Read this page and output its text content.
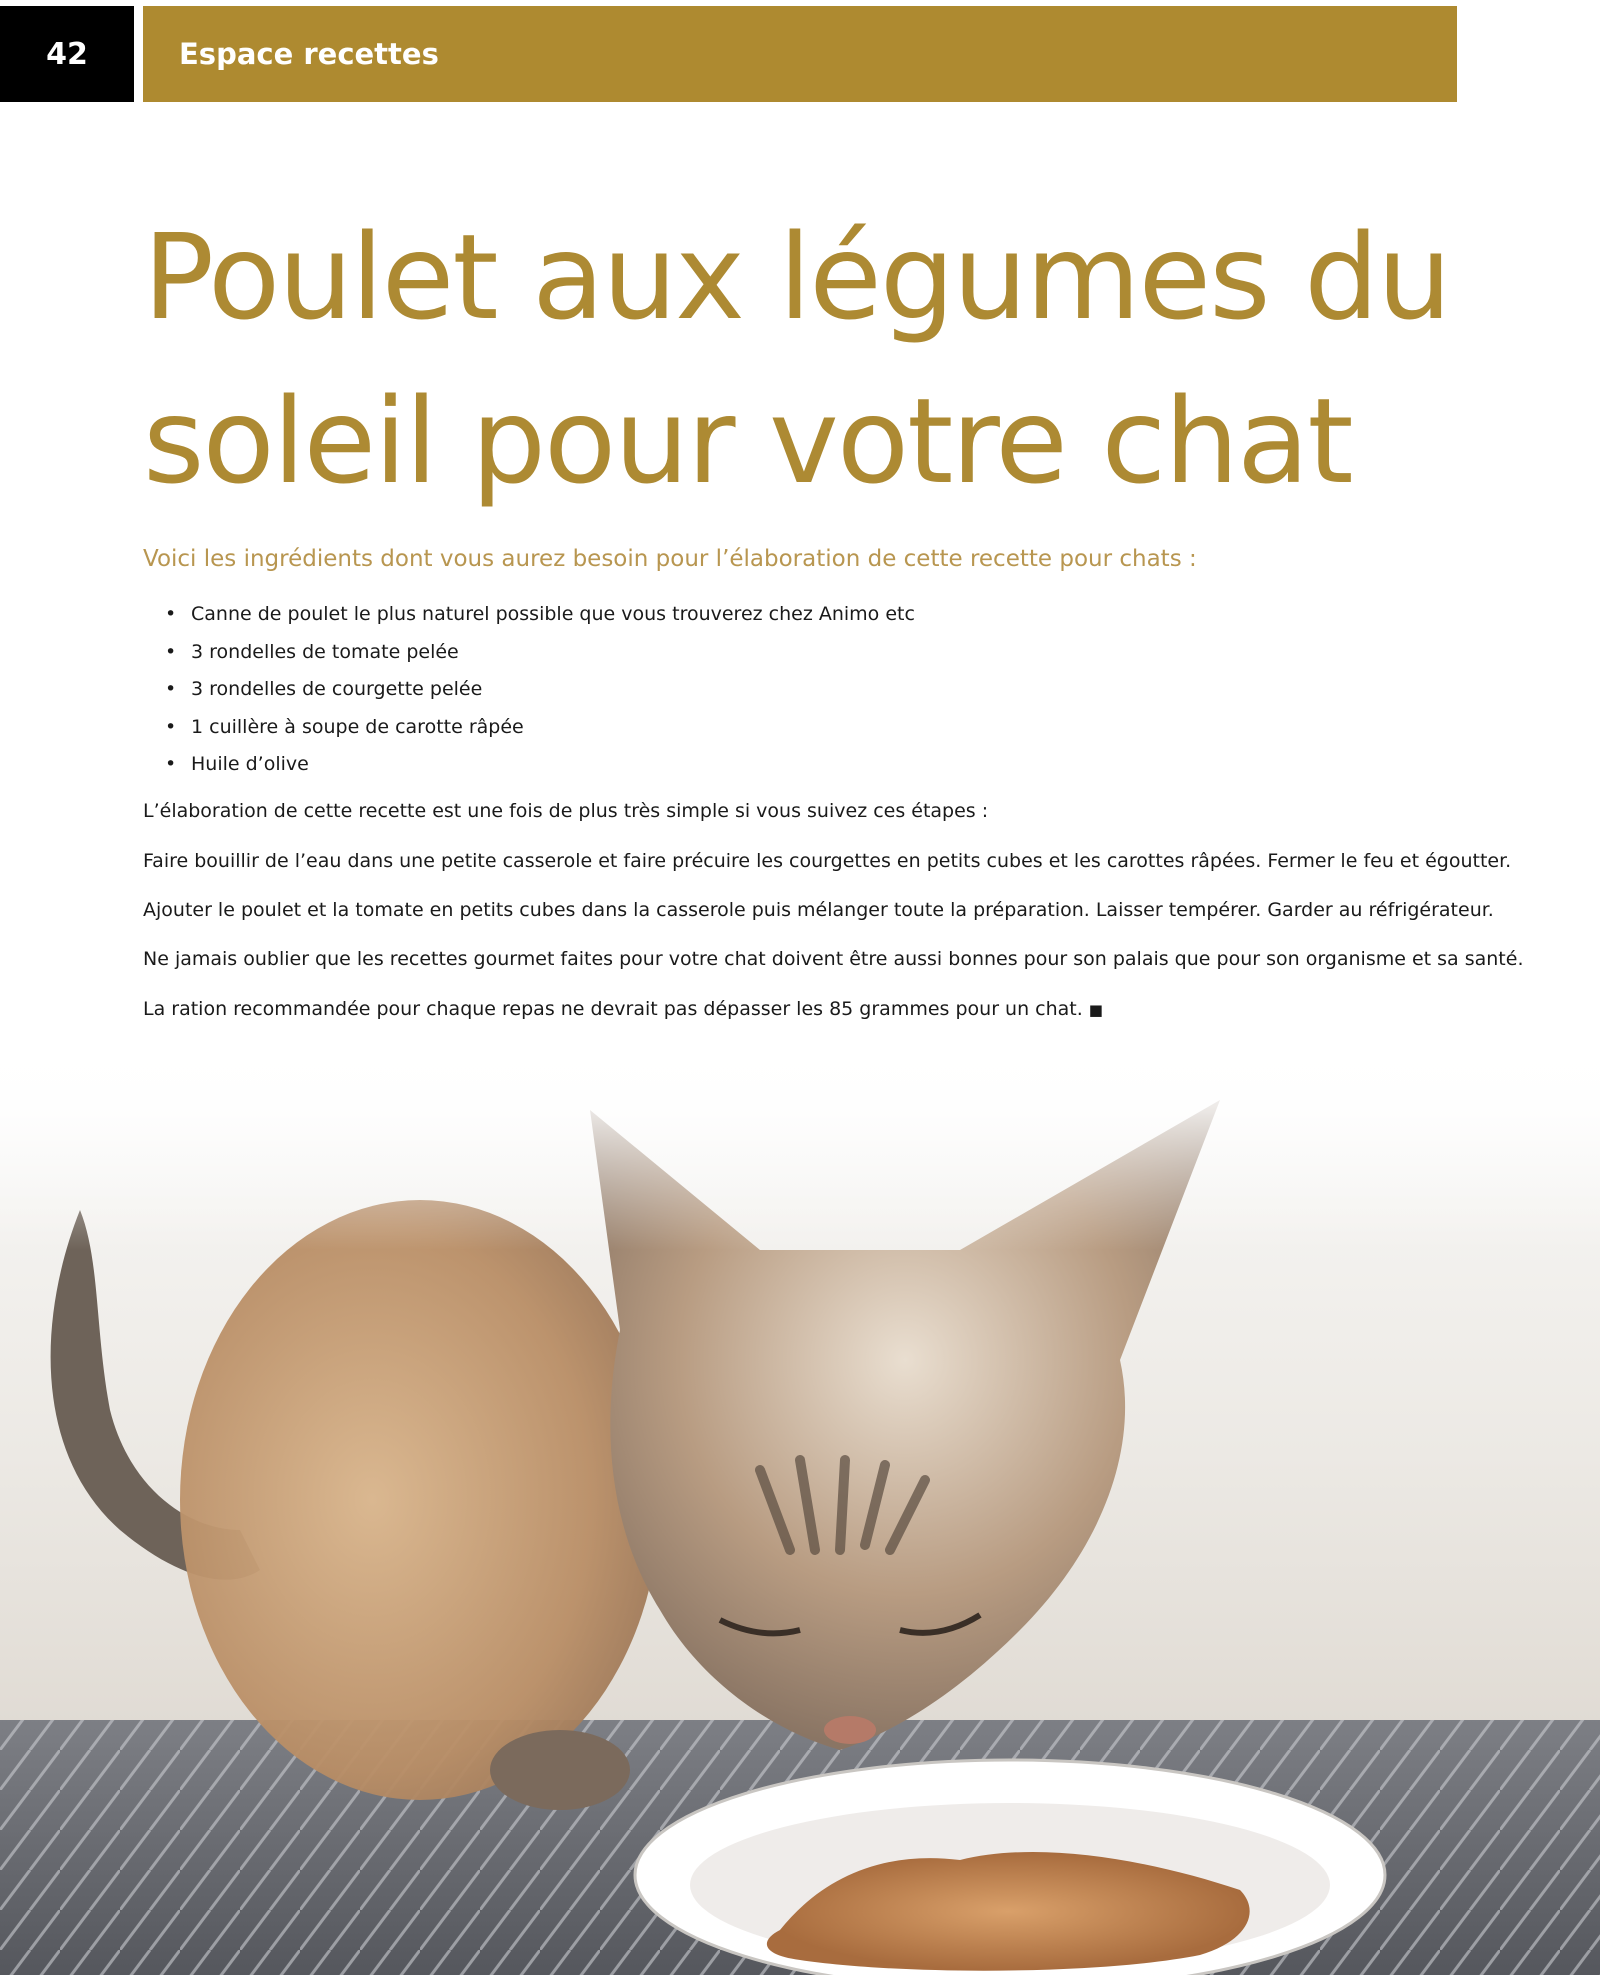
42	Espace recettes
Poulet aux légumes du
soleil pour votre chat

Voici les ingrédients dont vous aurez besoin pour l’élaboration de cette recette pour chats :

• Canne de poulet le plus naturel possible que vous trouverez chez Animo etc
• 3 rondelles de tomate pelée
• 3 rondelles de courgette pelée
• 1 cuillère à soupe de carotte râpée
• Huile d’olive

L’élaboration de cette recette est une fois de plus très simple si vous suivez ces étapes :

Faire bouillir de l’eau dans une petite casserole et faire précuire les courgettes en petits cubes et les carottes râpées. Fermer le feu et égoutter.

Ajouter le poulet et la tomate en petits cubes dans la casserole puis mélanger toute la préparation. Laisser tempérer. Garder au réfrigérateur.

Ne jamais oublier que les recettes gourmet faites pour votre chat doivent être aussi bonnes pour son palais que pour son organisme et sa santé.

La ration recommandée pour chaque repas ne devrait pas dépasser les 85 grammes pour un chat. ■
